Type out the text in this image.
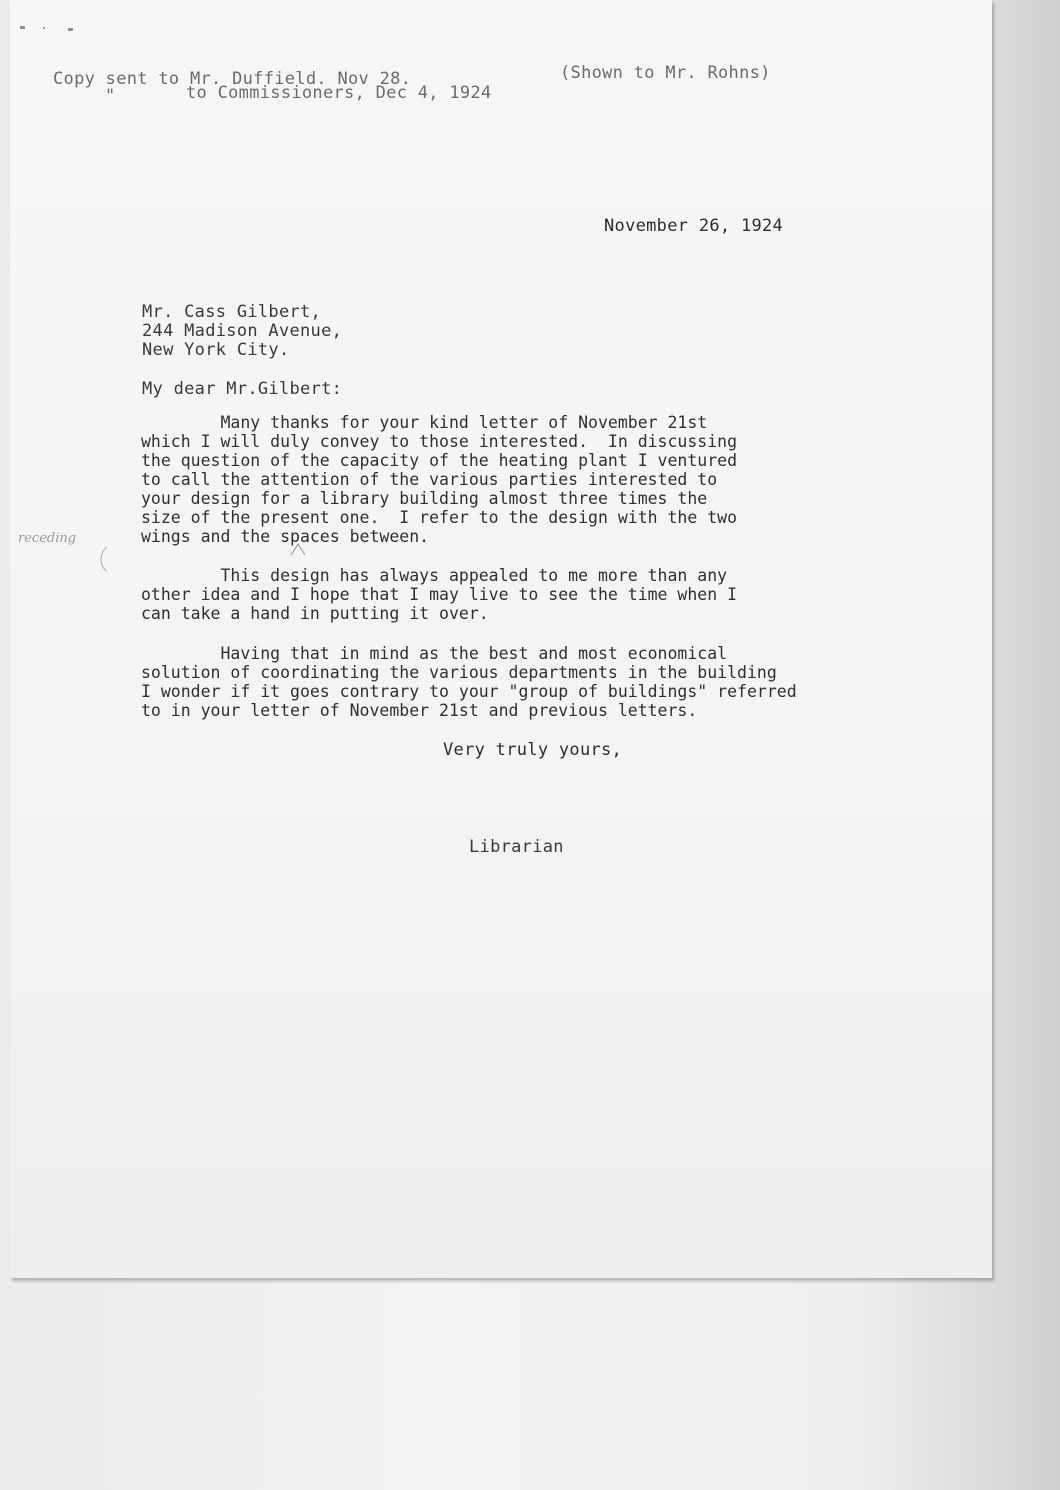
Copy sent to Mr. Duffield. Nov 28.
"	to Commissioners, Dec 4, 1924
(Shown to Mr. Rohns)
November 26, 1924
Mr. Cass Gilbert,
244 Madison Avenue,
New York City.
My dear Mr.Gilbert:
receding
Many thanks for your kind letter of November 21st
which I will duly convey to those interested.  In discussing
the question of the capacity of the heating plant I ventured
to call the attention of the various parties interested to
your design for a library building almost three times the
size of the present one.  I refer to the design with the two
wings and the spaces between.
This design has always appealed to me more than any
other idea and I hope that I may live to see the time when I
can take a hand in putting it over.
Having that in mind as the best and most economical
solution of coordinating the various departments in the building
I wonder if it goes contrary to your "group of buildings" referred
to in your letter of November 21st and previous letters.
Very truly yours,
Librarian
